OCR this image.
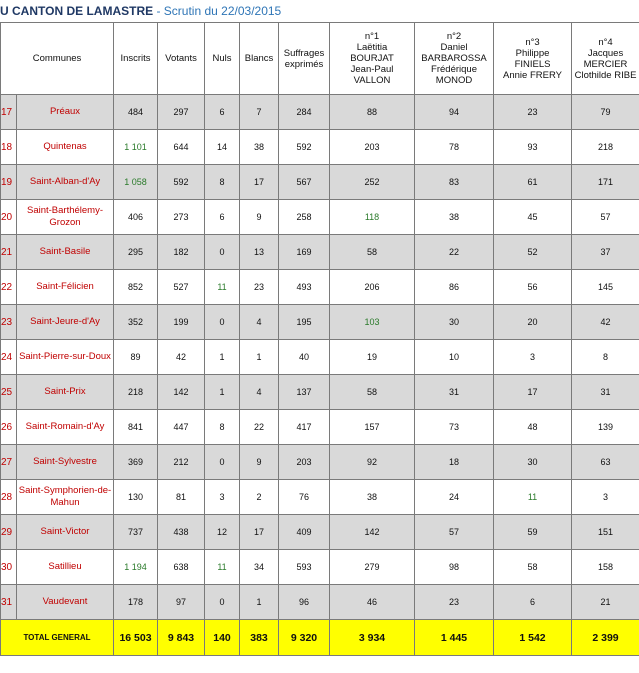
U CANTON DE LAMASTRE - Scrutin du 22/03/2015
Communes		Inscrits	Votants	Nuls	Blancs	Suffrages
exprimés	n°1
Laëtitia
BOURJAT
Jean-Paul
VALLON	n°2
Daniel
BARBAROSSA
Frédérique
MONOD	n°3
Philippe
FINIELS
Annie FRERY	n°4
Jacques
MERCIER
Clothilde RIBE
17	Préaux	484	297	6	7	284	88	94	23	79
18	Quintenas	1 101	644	14	38	592	203	78	93	218
19	Saint-Alban-d'Ay	1 058	592	8	17	567	252	83	61	171
20	Saint-Barthélemy-Grozon	406	273	6	9	258	118	38	45	57
21	Saint-Basile	295	182	0	13	169	58	22	52	37
22	Saint-Félicien	852	527	11	23	493	206	86	56	145
23	Saint-Jeure-d'Ay	352	199	0	4	195	103	30	20	42
24	Saint-Pierre-sur-Doux	89	42	1	1	40	19	10	3	8
25	Saint-Prix	218	142	1	4	137	58	31	17	31
26	Saint-Romain-d'Ay	841	447	8	22	417	157	73	48	139
27	Saint-Sylvestre	369	212	0	9	203	92	18	30	63
28	Saint-Symphorien-de-Mahun	130	81	3	2	76	38	24	11	3
29	Saint-Victor	737	438	12	17	409	142	57	59	151
30	Satillieu	1 194	638	11	34	593	279	98	58	158
31	Vaudevant	178	97	0	1	96	46	23	6	21
TOTAL GENERAL		16 503	9 843	140	383	9 320	3 934	1 445	1 542	2 399
